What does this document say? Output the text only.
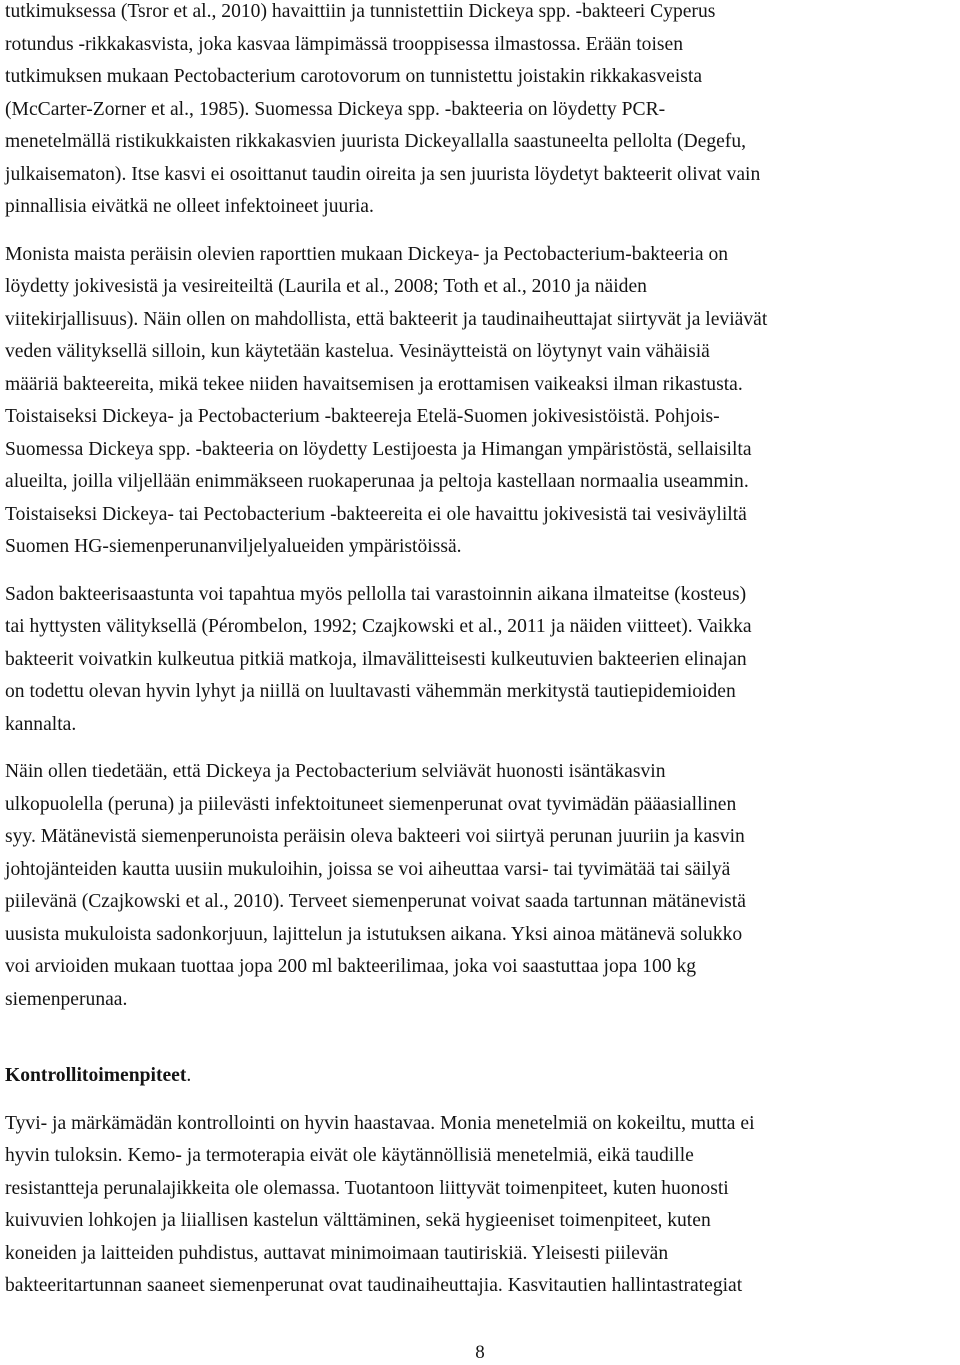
tutkimuksessa (Tsror et al., 2010) havaittiin ja tunnistettiin Dickeya spp. -bakteeri Cyperus
rotundus -rikkakasvista, joka kasvaa lämpimässä trooppisessa ilmastossa. Erään toisen
tutkimuksen mukaan Pectobacterium carotovorum on tunnistettu joistakin rikkakasveista
(McCarter-Zorner et al., 1985). Suomessa Dickeya spp. -bakteeria on löydetty PCR-
menetelmällä ristikukkaisten rikkakasvien juurista Dickeyallalla saastuneelta pellolta (Degefu,
julkaisematon). Itse kasvi ei osoittanut taudin oireita ja sen juurista löydetyt bakteerit olivat vain
pinnallisia eivätkä ne olleet infektoineet juuria.
Monista maista peräisin olevien raporttien mukaan Dickeya- ja Pectobacterium-bakteeria on
löydetty jokivesistä ja vesireiteiltä (Laurila et al., 2008; Toth et al., 2010 ja näiden
viitekirjallisuus). Näin ollen on mahdollista, että bakteerit ja taudinaiheuttajat siirtyvät ja leviävät
veden välityksellä silloin, kun käytetään kastelua. Vesinäytteistä on löytynyt vain vähäisiä
määriä bakteereita, mikä tekee niiden havaitsemisen ja erottamisen vaikeaksi ilman rikastusta.
Toistaiseksi Dickeya- ja Pectobacterium -bakteereja Etelä-Suomen jokivesistöistä. Pohjois-
Suomessa Dickeya spp. -bakteeria on löydetty Lestijoesta ja Himangan ympäristöstä, sellaisilta
alueilta, joilla viljellään enimmäkseen ruokaperunaa ja peltoja kastellaan normaalia useammin.
Toistaiseksi Dickeya- tai Pectobacterium -bakteereita ei ole havaittu jokivesistä tai vesiväyliltä
Suomen HG-siemenperunanviljelyalueiden ympäristöissä.
Sadon bakteerisaastunta voi tapahtua myös pellolla tai varastoinnin aikana ilmateitse (kosteus)
tai hyttysten välityksellä (Pérombelon, 1992; Czajkowski et al., 2011 ja näiden viitteet). Vaikka
bakteerit voivatkin kulkeutua pitkiä matkoja, ilmavälitteisesti kulkeutuvien bakteerien elinajan
on todettu olevan hyvin lyhyt ja niillä on luultavasti vähemmän merkitystä tautiepidemioiden
kannalta.
Näin ollen tiedetään, että Dickeya ja Pectobacterium selviävät huonosti isäntäkasvin
ulkopuolella (peruna) ja piilevästi infektoituneet siemenperunat ovat tyvimädän pääasiallinen
syy. Mätänevistä siemenperunoista peräisin oleva bakteeri voi siirtyä perunan juuriin ja kasvin
johtojänteiden kautta uusiin mukuloihin, joissa se voi aiheuttaa varsi- tai tyvimätää tai säilyä
piilevänä (Czajkowski et al., 2010). Terveet siemenperunat voivat saada tartunnan mätänevistä
uusista mukuloista sadonkorjuun, lajittelun ja istutuksen aikana. Yksi ainoa mätänevä solukko
voi arvioiden mukaan tuottaa jopa 200 ml bakteerilimaa, joka voi saastuttaa jopa 100 kg
siemenperunaa.
Kontrollitoimenpiteet.
Tyvi- ja märkämädän kontrollointi on hyvin haastavaa. Monia menetelmiä on kokeiltu, mutta ei
hyvin tuloksin. Kemo- ja termoterapia eivät ole käytännöllisiä menetelmiä, eikä taudille
resistantteja perunalajikkeita ole olemassa. Tuotantoon liittyvät toimenpiteet, kuten huonosti
kuivuvien lohkojen ja liiallisen kastelun välttäminen, sekä hygieeniset toimenpiteet, kuten
koneiden ja laitteiden puhdistus, auttavat minimoimaan tautiriskiä. Yleisesti piilevän
bakteeritartunnan saaneet siemenperunat ovat taudinaiheuttajia. Kasvitautien hallintastrategiat
8
